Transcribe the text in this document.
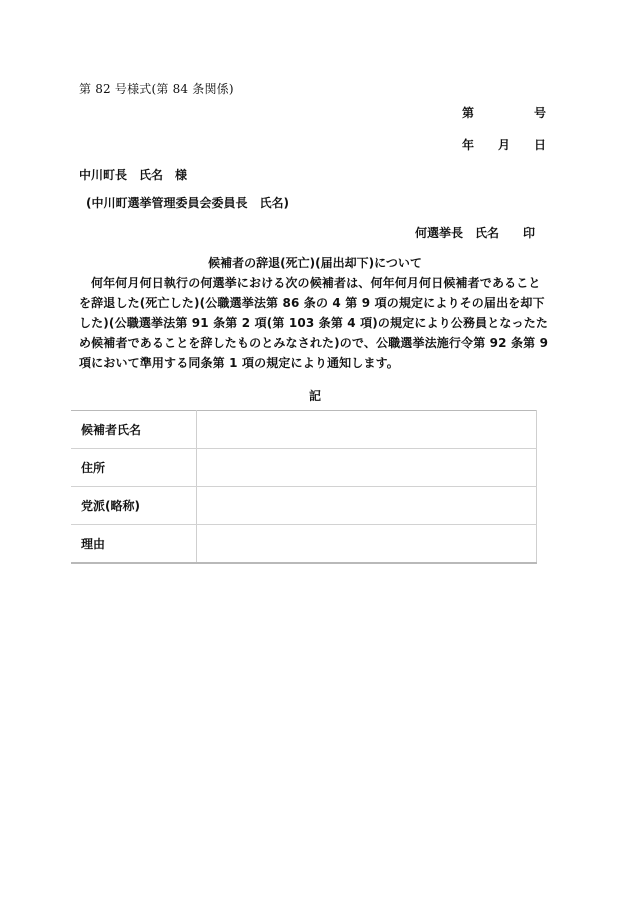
第 82 号様式(第 84 条関係)
第　　　　　号
年　　月　　日
中川町長　氏名　様
(中川町選挙管理委員会委員長　氏名)
何選挙長　氏名　　印
候補者の辞退(死亡)(届出却下)について
何年何月何日執行の何選挙における次の候補者は、何年何月何日候補者であることを辞退した(死亡した)(公職選挙法第 86 条の 4 第 9 項の規定によりその届出を却下した)(公職選挙法第 91 条第 2 項(第 103 条第 4 項)の規定により公務員となったため候補者であることを辞したものとみなされた)ので、公職選挙法施行令第 92 条第 9 項において準用する同条第 1 項の規定により通知します。
記
候補者氏名	
住所	
党派(略称)	
理由	
